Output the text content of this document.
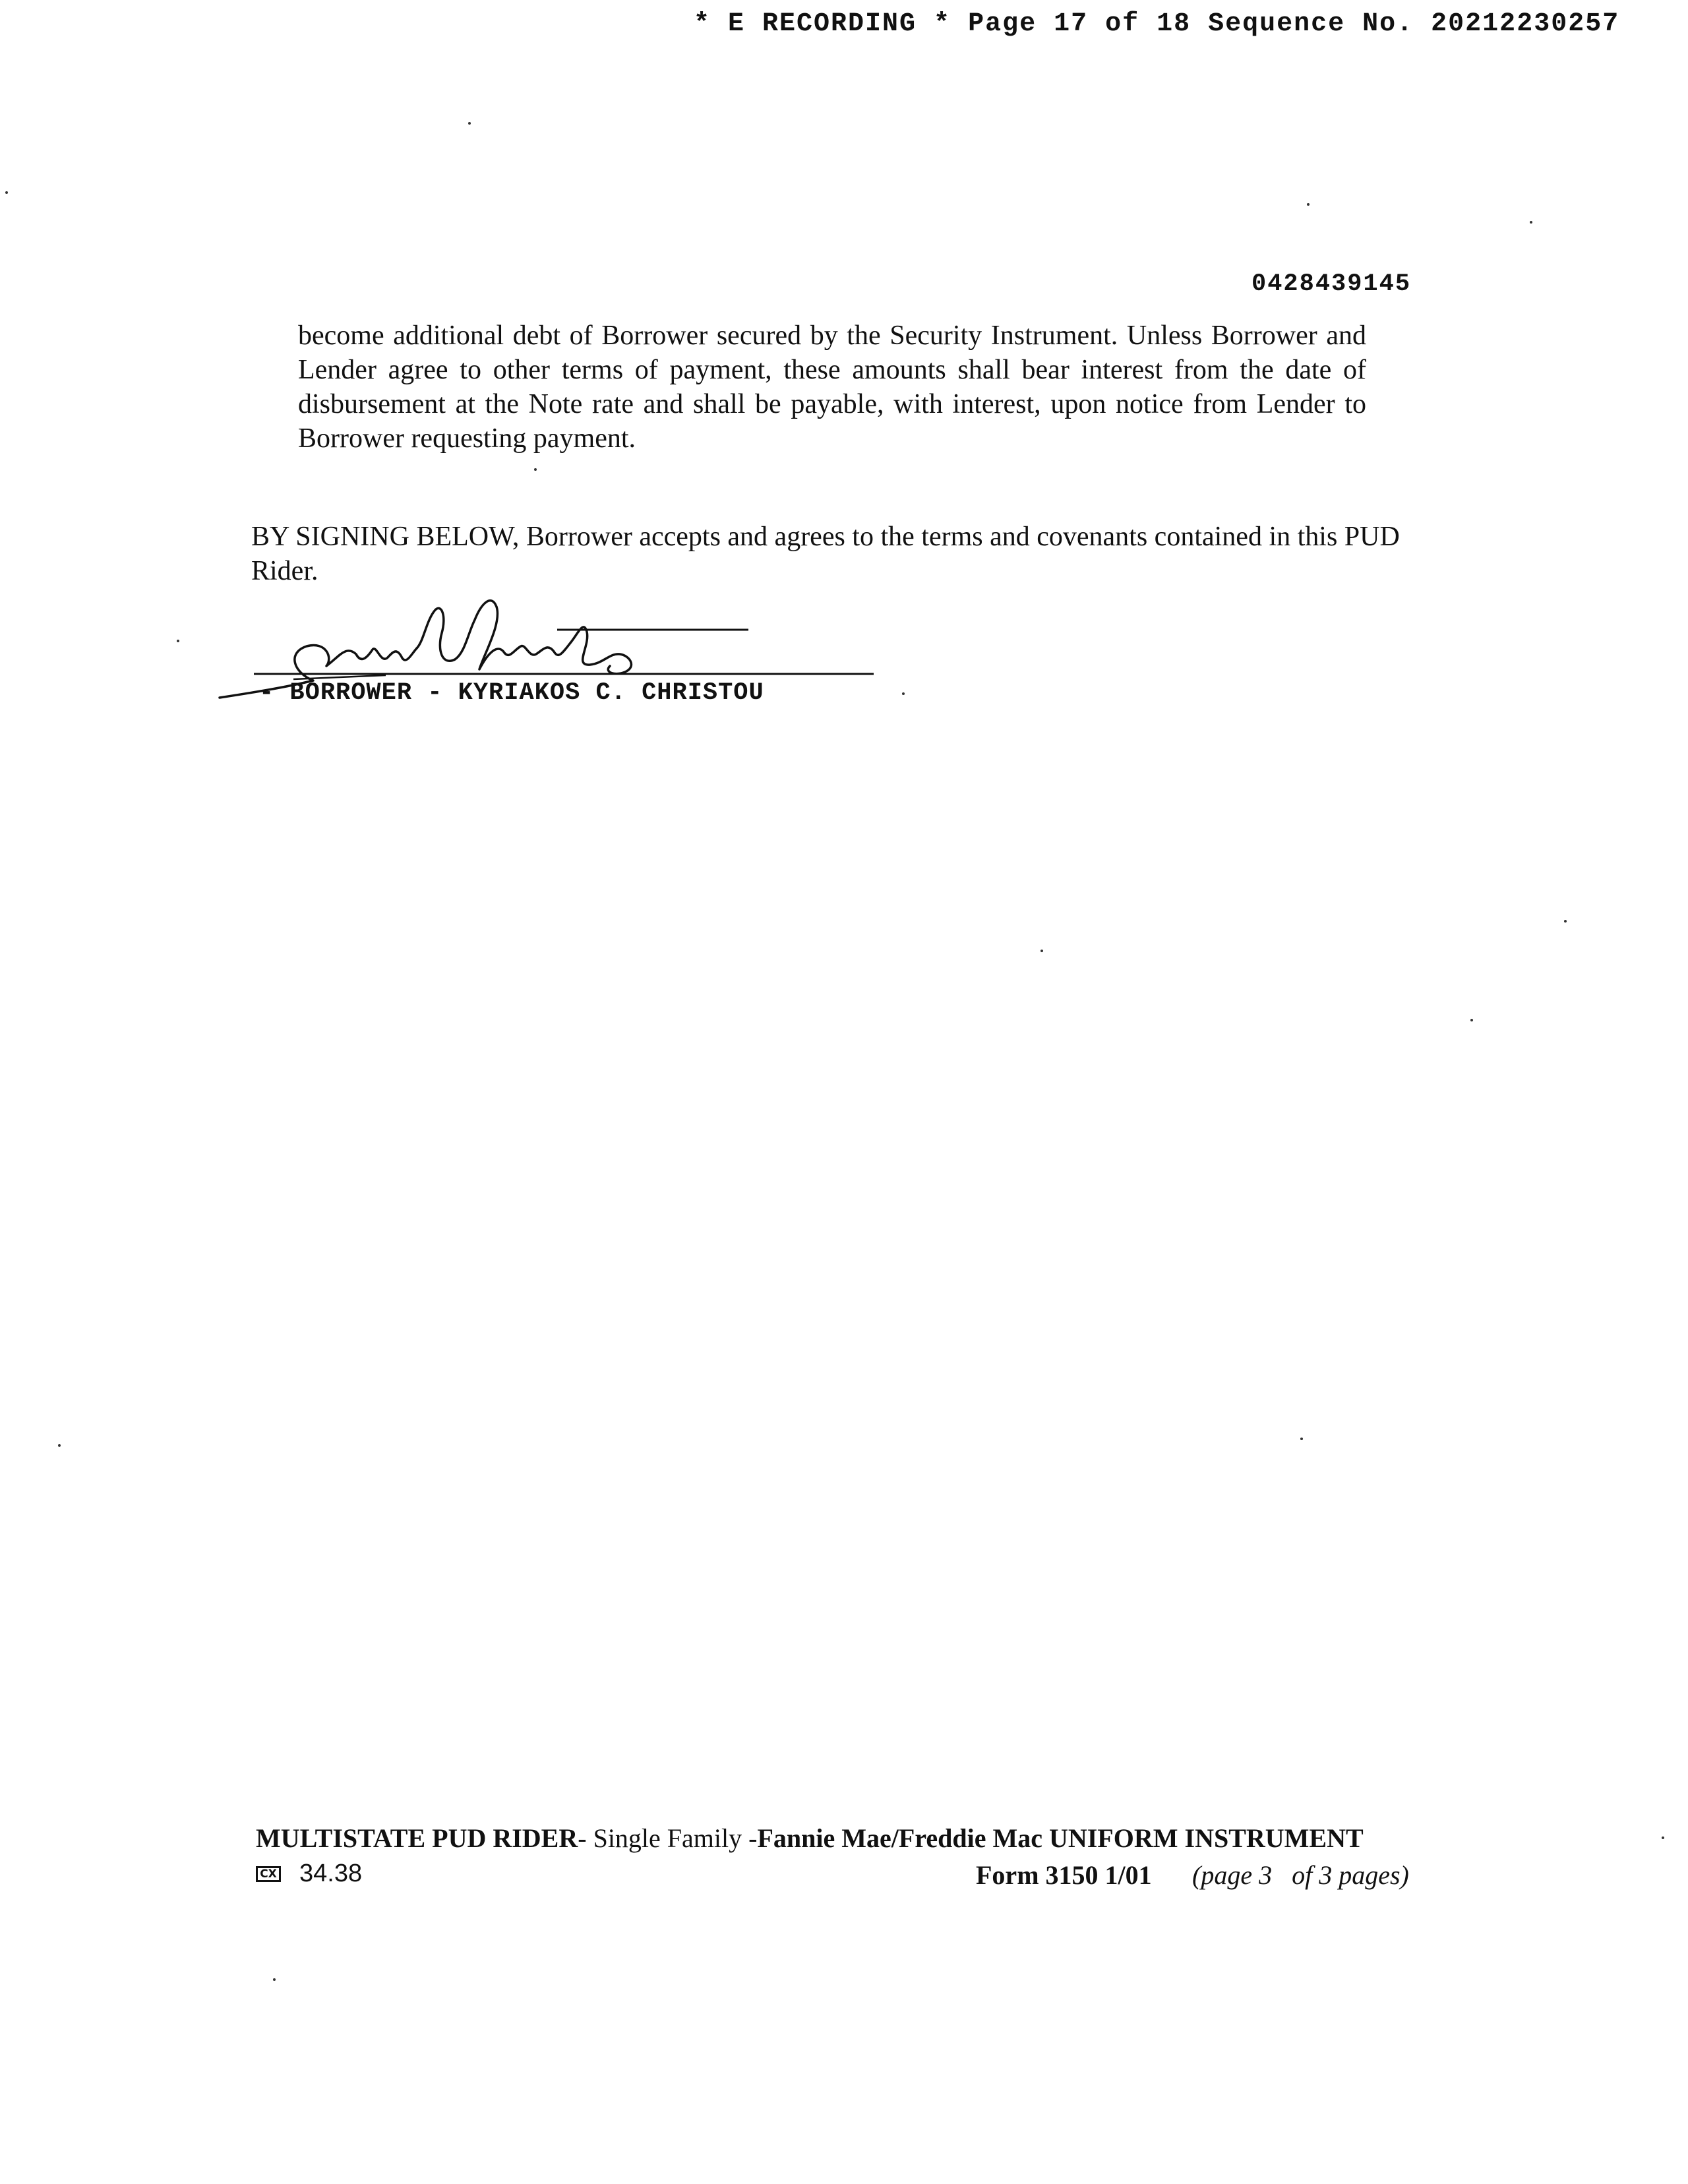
* E RECORDING * Page 17 of 18 Sequence No. 20212230257
0428439145

become additional debt of Borrower secured by the Security Instrument. Unless Borrower and Lender agree to other terms of payment, these amounts shall bear interest from the date of disbursement at the Note rate and shall be payable, with interest, upon notice from Lender to Borrower requesting payment.

BY SIGNING BELOW, Borrower accepts and agrees to the terms and covenants contained in this PUD Rider.

- BORROWER - KYRIAKOS C. CHRISTOU
MULTISTATE PUD RIDER- Single Family -Fannie Mae/Freddie Mac UNIFORM INSTRUMENT
CX 34.38	Form 3150 1/01 (page 3   of 3 pages)
